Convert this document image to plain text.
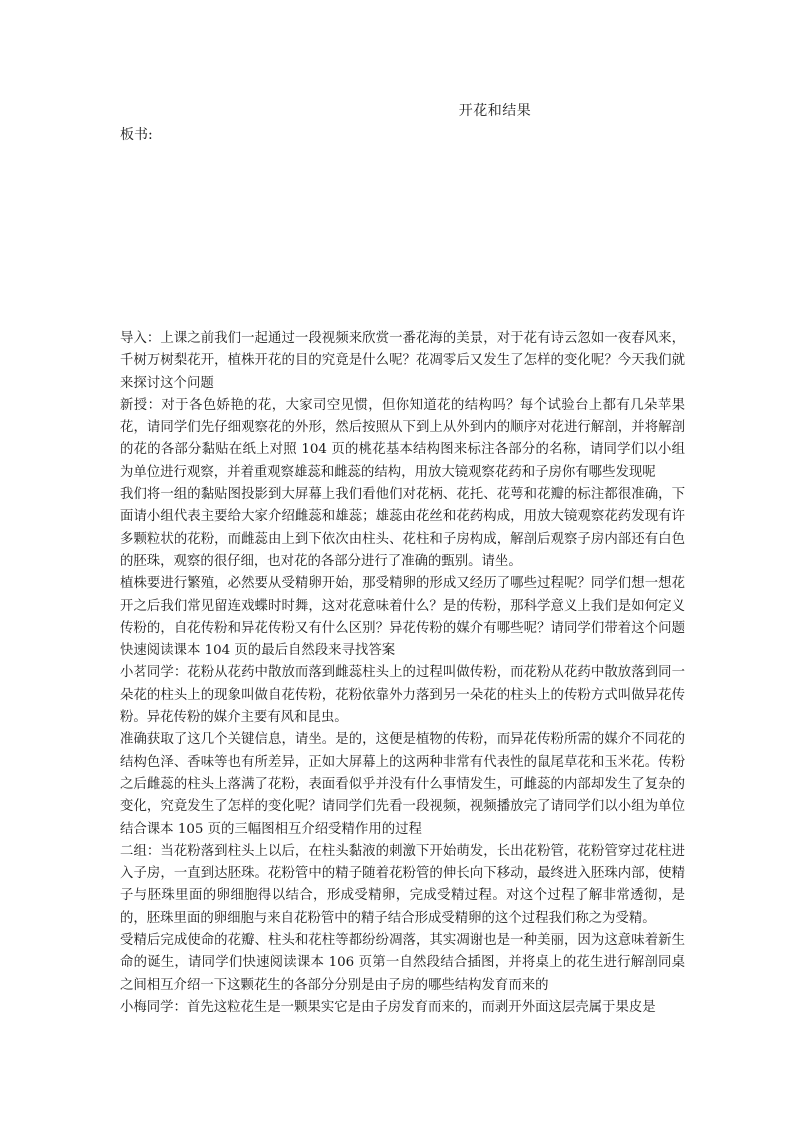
开花和结果
板书:

导入：上课之前我们一起通过一段视频来欣赏一番花海的美景，对于花有诗云忽如一夜春风来，千树万树梨花开，植株开花的目的究竟是什么呢？花凋零后又发生了怎样的变化呢？今天我们就来探讨这个问题

新授：对于各色娇艳的花，大家司空见惯，但你知道花的结构吗？每个试验台上都有几朵苹果花，请同学们先仔细观察花的外形，然后按照从下到上从外到内的顺序对花进行解剖，并将解剖的花的各部分黏贴在纸上对照 104 页的桃花基本结构图来标注各部分的名称，请同学们以小组为单位进行观察，并着重观察雄蕊和雌蕊的结构，用放大镜观察花药和子房你有哪些发现呢

我们将一组的黏贴图投影到大屏幕上我们看他们对花柄、花托、花萼和花瓣的标注都很准确，下面请小组代表主要给大家介绍雌蕊和雄蕊；雄蕊由花丝和花药构成，用放大镜观察花药发现有许多颗粒状的花粉，而雌蕊由上到下依次由柱头、花柱和子房构成，解剖后观察子房内部还有白色的胚珠，观察的很仔细，也对花的各部分进行了准确的甄别。请坐。

植株要进行繁殖，必然要从受精卵开始，那受精卵的形成又经历了哪些过程呢？同学们想一想花开之后我们常见留连戏蝶时时舞，这对花意味着什么？是的传粉，那科学意义上我们是如何定义传粉的，自花传粉和异花传粉又有什么区别？异花传粉的媒介有哪些呢？请同学们带着这个问题快速阅读课本 104 页的最后自然段来寻找答案

小茗同学：花粉从花药中散放而落到雌蕊柱头上的过程叫做传粉，而花粉从花药中散放落到同一朵花的柱头上的现象叫做自花传粉，花粉依靠外力落到另一朵花的柱头上的传粉方式叫做异花传粉。异花传粉的媒介主要有风和昆虫。

准确获取了这几个关键信息，请坐。是的，这便是植物的传粉，而异花传粉所需的媒介不同花的结构色泽、香味等也有所差异，正如大屏幕上的这两种非常有代表性的鼠尾草花和玉米花。传粉之后雌蕊的柱头上落满了花粉，表面看似乎并没有什么事情发生，可雌蕊的内部却发生了复杂的变化，究竟发生了怎样的变化呢？请同学们先看一段视频，视频播放完了请同学们以小组为单位结合课本 105 页的三幅图相互介绍受精作用的过程

二组：当花粉落到柱头上以后，在柱头黏液的刺激下开始萌发，长出花粉管，花粉管穿过花柱进入子房，一直到达胚珠。花粉管中的精子随着花粉管的伸长向下移动，最终进入胚珠内部，使精子与胚珠里面的卵细胞得以结合，形成受精卵，完成受精过程。对这个过程了解非常透彻，是的，胚珠里面的卵细胞与来自花粉管中的精子结合形成受精卵的这个过程我们称之为受精。

受精后完成使命的花瓣、柱头和花柱等都纷纷凋落，其实凋谢也是一种美丽，因为这意味着新生命的诞生，请同学们快速阅读课本 106 页第一自然段结合插图，并将桌上的花生进行解剖同桌之间相互介绍一下这颗花生的各部分分别是由子房的哪些结构发育而来的

小梅同学：首先这粒花生是一颗果实它是由子房发育而来的，而剥开外面这层壳属于果皮是
